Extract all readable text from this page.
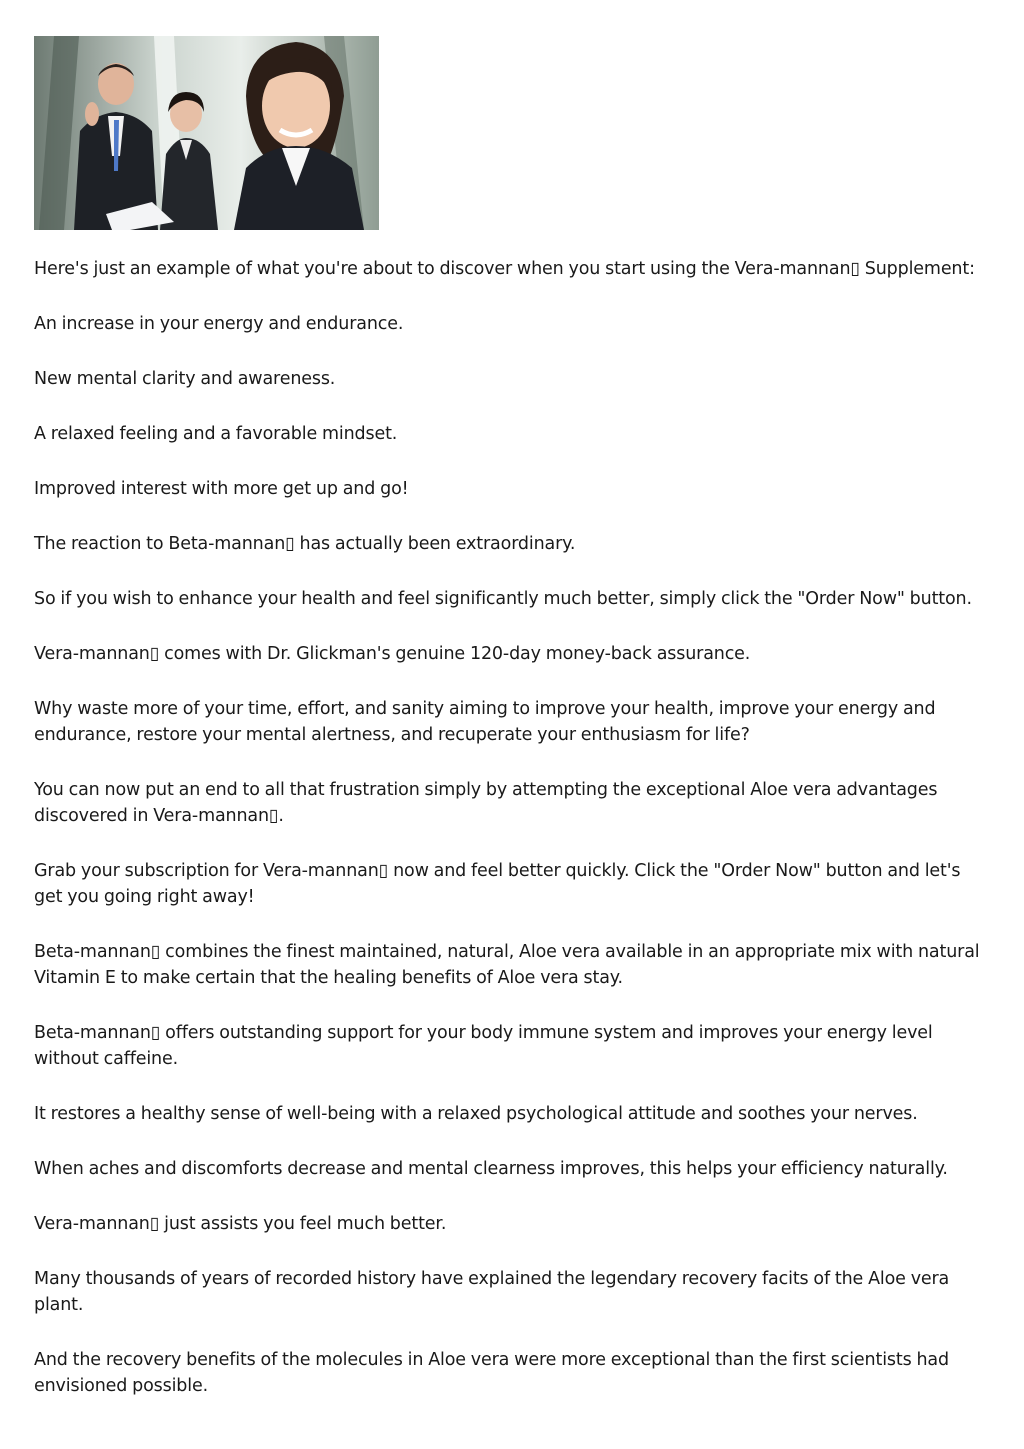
Here's just an example of what you're about to discover when you start using the Vera-mannan▯ Supplement:

An increase in your energy and endurance.

New mental clarity and awareness.

A relaxed feeling and a favorable mindset.

Improved interest with more get up and go!

The reaction to Beta-mannan▯ has actually been extraordinary.

So if you wish to enhance your health and feel significantly much better, simply click the "Order Now" button.

Vera-mannan▯ comes with Dr. Glickman's genuine 120-day money-back assurance.

Why waste more of your time, effort, and sanity aiming to improve your health, improve your energy and endurance, restore your mental alertness, and recuperate your enthusiasm for life?

You can now put an end to all that frustration simply by attempting the exceptional Aloe vera advantages discovered in Vera-mannan▯.

Grab your subscription for Vera-mannan▯ now and feel better quickly. Click the "Order Now" button and let's get you going right away!

Beta-mannan▯ combines the finest maintained, natural, Aloe vera available in an appropriate mix with natural Vitamin E to make certain that the healing benefits of Aloe vera stay.

Beta-mannan▯ offers outstanding support for your body immune system and improves your energy level without caffeine.

It restores a healthy sense of well-being with a relaxed psychological attitude and soothes your nerves.

When aches and discomforts decrease and mental clearness improves, this helps your efficiency naturally.

Vera-mannan▯ just assists you feel much better.

Many thousands of years of recorded history have explained the legendary recovery facits of the Aloe vera plant.

And the recovery benefits of the molecules in Aloe vera were more exceptional than the first scientists had envisioned possible.
